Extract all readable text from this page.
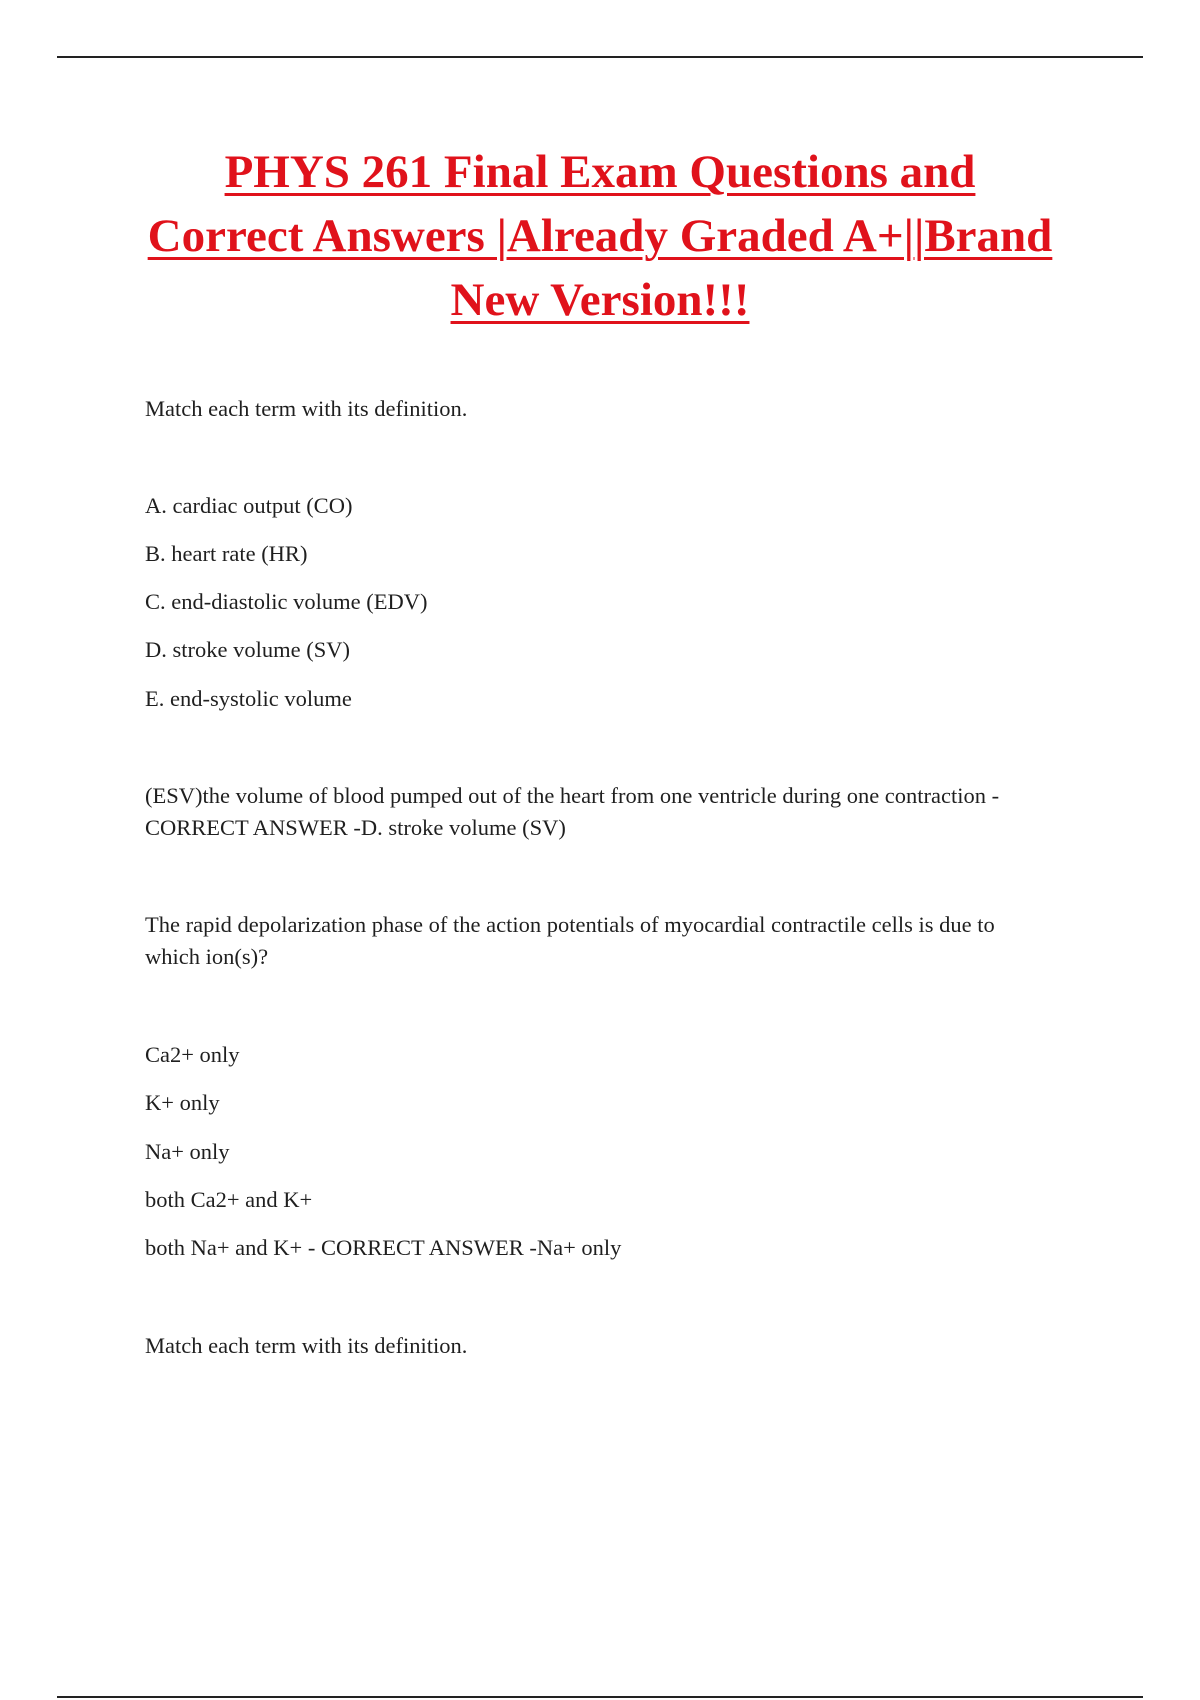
PHYS 261 Final Exam Questions and
Correct Answers |Already Graded A+||Brand
New Version!!!
Match each term with its definition.
A. cardiac output (CO)
B. heart rate (HR)
C. end-diastolic volume (EDV)
D. stroke volume (SV)
E. end-systolic volume
(ESV)the volume of blood pumped out of the heart from one ventricle during one contraction -
CORRECT ANSWER -D. stroke volume (SV)
The rapid depolarization phase of the action potentials of myocardial contractile cells is due to
which ion(s)?
Ca2+ only
K+ only
Na+ only
both Ca2+ and K+
both Na+ and K+ - CORRECT ANSWER -Na+ only
Match each term with its definition.
